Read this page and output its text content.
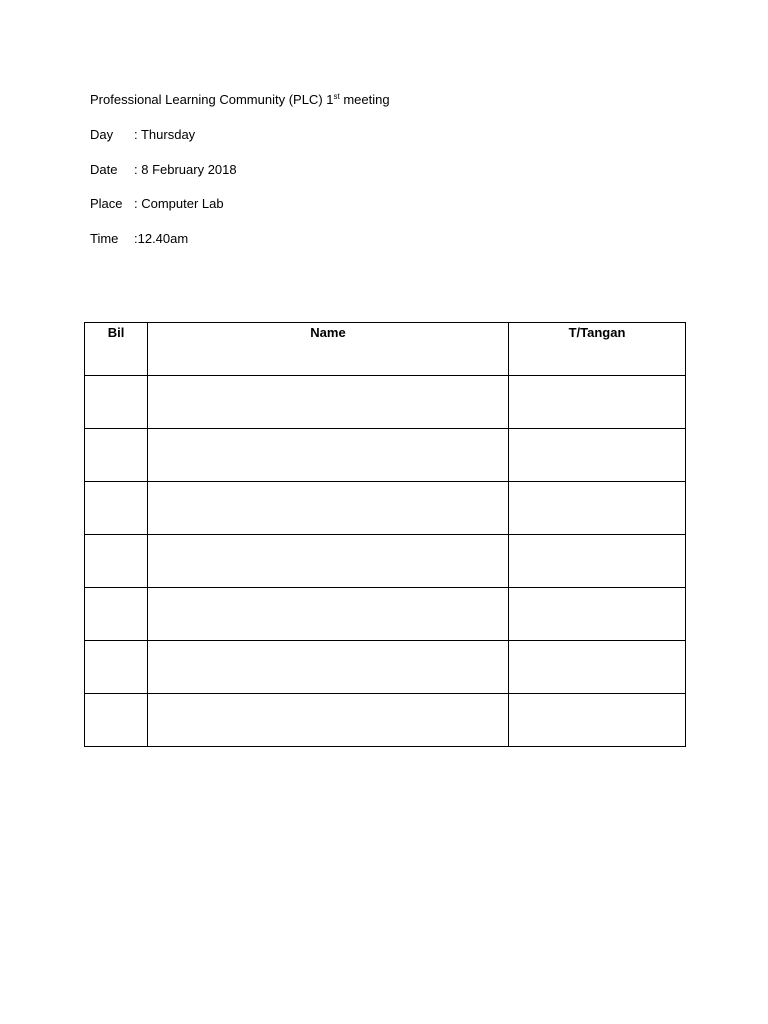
Professional Learning Community (PLC) 1st meeting
Day : Thursday
Date : 8 February 2018
Place : Computer Lab
Time :12.40am
Bil	Name	T/Tangan
